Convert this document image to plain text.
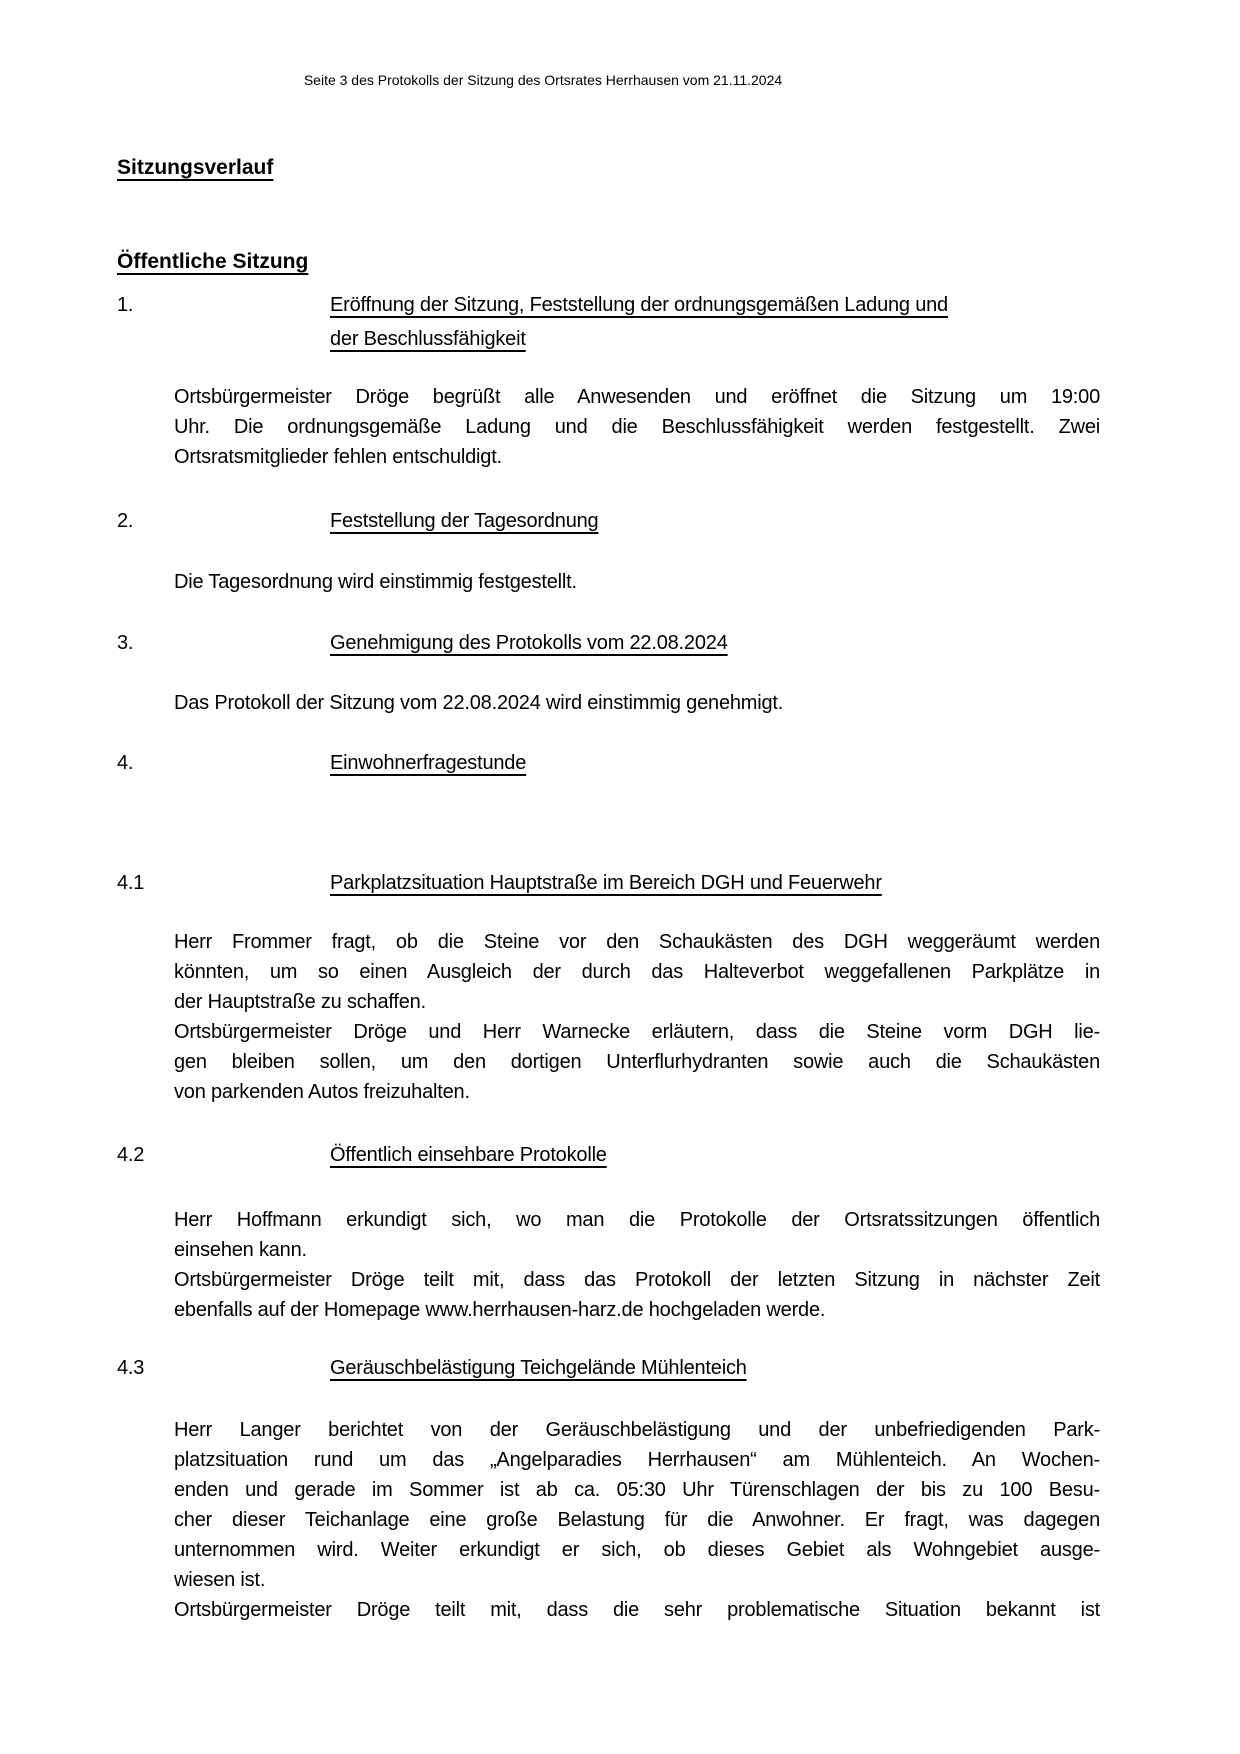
Seite 3 des Protokolls der Sitzung des Ortsrates Herrhausen vom 21.11.2024
Sitzungsverlauf
Öffentliche Sitzung
1.	Eröffnung der Sitzung, Feststellung der ordnungsgemäßen Ladung und
der Beschlussfähigkeit
Ortsbürgermeister Dröge begrüßt alle Anwesenden und eröffnet die Sitzung um 19:00
Uhr. Die ordnungsgemäße Ladung und die Beschlussfähigkeit werden festgestellt. Zwei
Ortsratsmitglieder fehlen entschuldigt.
2.	Feststellung der Tagesordnung
Die Tagesordnung wird einstimmig festgestellt.
3.	Genehmigung des Protokolls vom 22.08.2024
Das Protokoll der Sitzung vom 22.08.2024 wird einstimmig genehmigt.
4.	Einwohnerfragestunde
4.1	Parkplatzsituation Hauptstraße im Bereich DGH und Feuerwehr
Herr Frommer fragt, ob die Steine vor den Schaukästen des DGH weggeräumt werden
könnten, um so einen Ausgleich der durch das Halteverbot weggefallenen Parkplätze in
der Hauptstraße zu schaffen.
Ortsbürgermeister Dröge und Herr Warnecke erläutern, dass die Steine vorm DGH lie-
gen bleiben sollen, um den dortigen Unterflurhydranten sowie auch die Schaukästen
von parkenden Autos freizuhalten.
4.2	Öffentlich einsehbare Protokolle
Herr Hoffmann erkundigt sich, wo man die Protokolle der Ortsratssitzungen öffentlich
einsehen kann.
Ortsbürgermeister Dröge teilt mit, dass das Protokoll der letzten Sitzung in nächster Zeit
ebenfalls auf der Homepage www.herrhausen-harz.de hochgeladen werde.
4.3	Geräuschbelästigung Teichgelände Mühlenteich
Herr Langer berichtet von der Geräuschbelästigung und der unbefriedigenden Park-
platzsituation rund um das „Angelparadies Herrhausen“ am Mühlenteich. An Wochen-
enden und gerade im Sommer ist ab ca. 05:30 Uhr Türenschlagen der bis zu 100 Besu-
cher dieser Teichanlage eine große Belastung für die Anwohner. Er fragt, was dagegen
unternommen wird. Weiter erkundigt er sich, ob dieses Gebiet als Wohngebiet ausge-
wiesen ist.
Ortsbürgermeister Dröge teilt mit, dass die sehr problematische Situation bekannt ist
